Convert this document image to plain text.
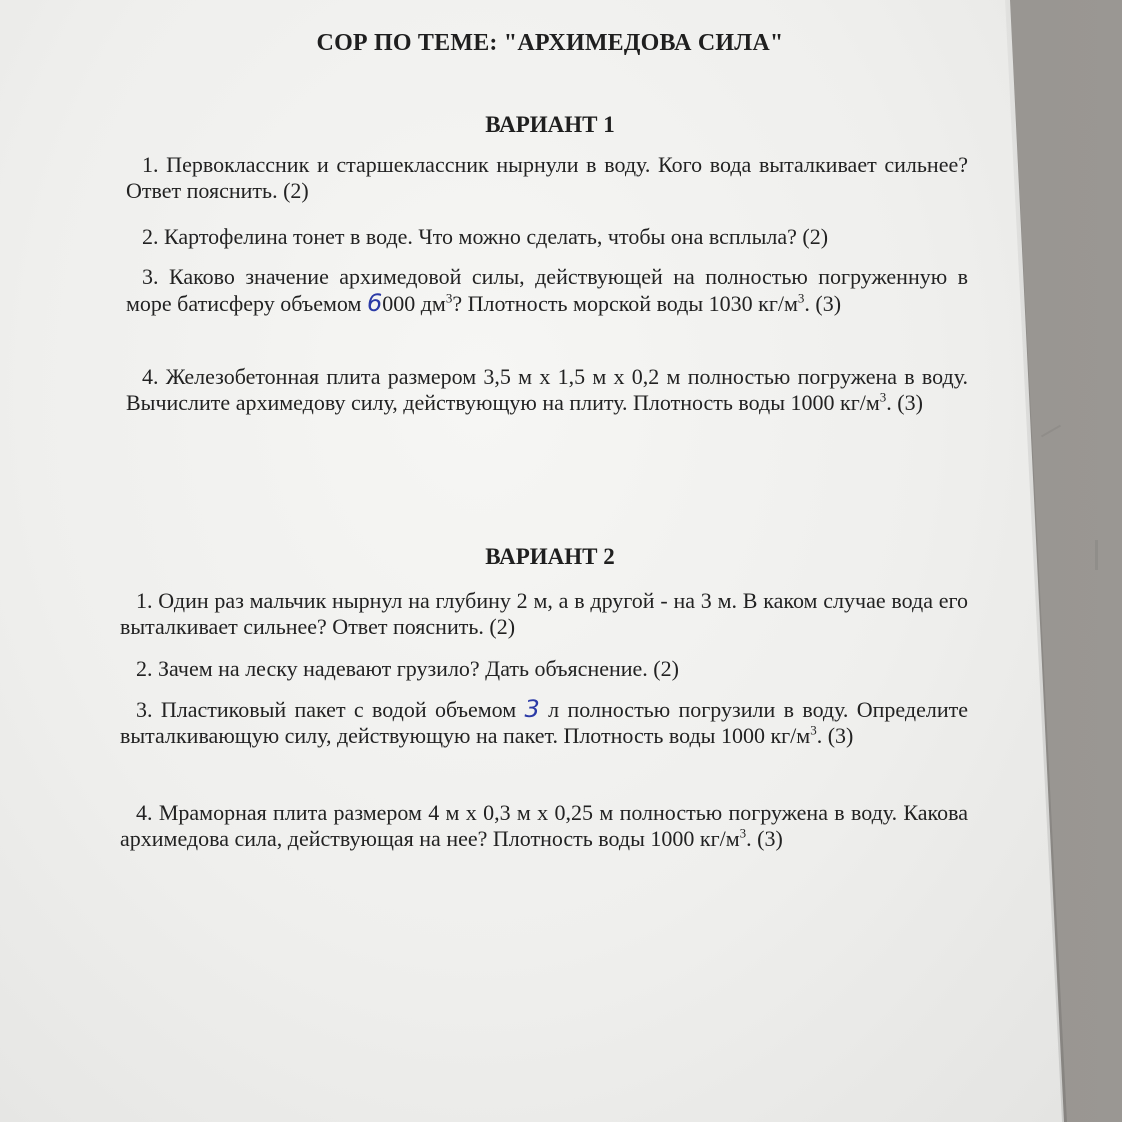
СОР ПО ТЕМЕ: "АРХИМЕДОВА СИЛА"
ВАРИАНТ 1

1. Первоклассник и старшеклассник нырнули в воду. Кого вода выталкивает сильнее? Ответ пояснить. (2)

2. Картофелина тонет в воде. Что можно сделать, чтобы она всплыла? (2)

3. Каково значение архимедовой силы, действующей на полностью погруженную в море батисферу объемом 6000 $дм^3$? Плотность морской воды 1030 $кг/м^3$. (3)

4. Железобетонная плита размером 3,5 м х 1,5 м х 0,2 м полностью погружена в воду. Вычислите архимедову силу, действующую на плиту. Плотность воды 1000 $кг/м^3$. (3)

ВАРИАНТ 2

1. Один раз мальчик нырнул на глубину 2 м, а в другой - на 3 м. В каком случае вода его выталкивает сильнее? Ответ пояснить. (2)

2. Зачем на леску надевают грузило? Дать объяснение. (2)

3. Пластиковый пакет с водой объемом 3 л полностью погрузили в воду. Определите выталкивающую силу, действующую на пакет. Плотность воды 1000 $кг/м^3$. (3)

4. Мраморная плита размером 4 м х 0,3 м х 0,25 м полностью погружена в воду. Какова архимедова сила, действующая на нее? Плотность воды 1000 $кг/м^3$. (3)
